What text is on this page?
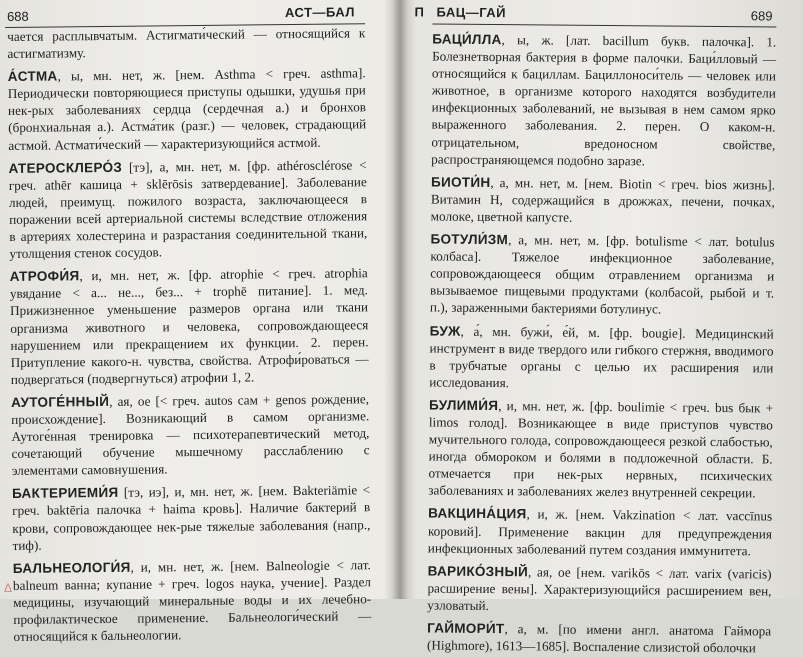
688	АСТ—БАЛ

чается расплывчатым. Астигмати́ческий — относящийся к астигматизму.

А́СТМА, ы, мн. нет, ж. [нем. Asthma < греч. asthma]. Периодически повторяющиеся приступы одышки, удушья при нек-рых заболеваниях сердца (сердечная а.) и бронхов (бронхиальная а.). Астма́тик (разг.) — человек, страдающий астмой. Астмати́ческий — характеризующийся астмой.

АТЕРОСКЛЕРО́З [тэ], а, мн. нет, м. [фр. athérosclérose < греч. athēr кашица + sklērōsis затвердевание]. Заболевание людей, преимущ. пожилого возраста, заключающееся в поражении всей артериальной системы вследствие отложения в артериях холестерина и разрастания соединительной ткани, утолщения стенок сосудов.

АТРОФИ́Я, и, мн. нет, ж. [фр. atrophie < греч. atrophia увядание < а... не..., без... + trophē питание]. 1. мед. Прижизненное уменьшение размеров органа или ткани организма животного и человека, сопровождающееся нарушением или прекращением их функции. 2. перен. Притупление какого-н. чувства, свойства. Атрофи́роваться — подвергаться (подвергнуться) атрофии 1, 2.

АУТОГЕ́ННЫЙ, ая, ое [< греч. autos сам + genos рождение, происхождение]. Возникающий в самом организме. Аутоге́нная тренировка — психотерапевтический метод, сочетающий обучение мышечному расслаблению с элементами самовнушения.

БАКТЕРИЕМИ́Я [тэ, иэ], и, мн. нет, ж. [нем. Bakteriämie < греч. baktēria палочка + haima кровь]. Наличие бактерий в крови, сопровождающее нек-рые тяжелые заболевания (напр., тиф).

БАЛЬНЕОЛОГИ́Я, и, мн. нет, ж. [нем. Balneologie < лат. balneum ванна; купание + греч. logos наука, учение]. Раздел медицины, изучающий минеральные воды и их лечебно-профилактическое применение. Бальнеологи́ческий — относящийся к бальнеологии.

П БАЦ—ГАЙ	689

БАЦИ́ЛЛА, ы, ж. [лат. bacillum букв. палочка]. 1. Болезнетворная бактерия в форме палочки. Баци́лловый — относящийся к бациллам. Бациллоноси́тель — человек или животное, в организме которого находятся возбудители инфекционных заболеваний, не вызывая в нем самом ярко выраженного заболевания. 2. перен. О каком-н. отрицательном, вредоносном свойстве, распространяющемся подобно заразе.

БИОТИ́Н, а, мн. нет, м. [нем. Biotin < греч. bios жизнь]. Витамин Н, содержащийся в дрожжах, печени, почках, молоке, цветной капусте.

БОТУЛИ́ЗМ, а, мн. нет, м. [фр. botulisme < лат. botulus колбаса]. Тяжелое инфекционное заболевание, сопровождающееся общим отравлением организма и вызываемое пищевыми продуктами (колбасой, рыбой и т. п.), зараженными бактериями ботулинус.

БУЖ, а́, мн. бужи́, е́й, м. [фр. bougie]. Медицинский инструмент в виде твердого или гибкого стержня, вводимого в трубчатые органы с целью их расширения или исследования.

БУЛИМИ́Я, и, мн. нет, ж. [фр. boulimie < греч. bus бык + limos голод]. Возникающее в виде приступов чувство мучительного голода, сопровождающееся резкой слабостью, иногда обмороком и болями в подложечной области. Б. отмечается при нек-рых нервных, психических заболеваниях и заболеваниях желез внутренней секреции.

ВАКЦИНА́ЦИЯ, и, ж. [нем. Vakzination < лат. vaccīnus коровий]. Применение вакцин для предупреждения инфекционных заболеваний путем создания иммунитета.

ВАРИКО́ЗНЫЙ, ая, ое [нем. varikōs < лат. varix (varicis) расширение вены]. Характеризующийся расширением вен, узловатый.

ГАЙМОРИ́Т, а, м. [по имени англ. анатома Гаймора (Highmore), 1613—1685]. Воспаление слизистой оболочки

Δ
